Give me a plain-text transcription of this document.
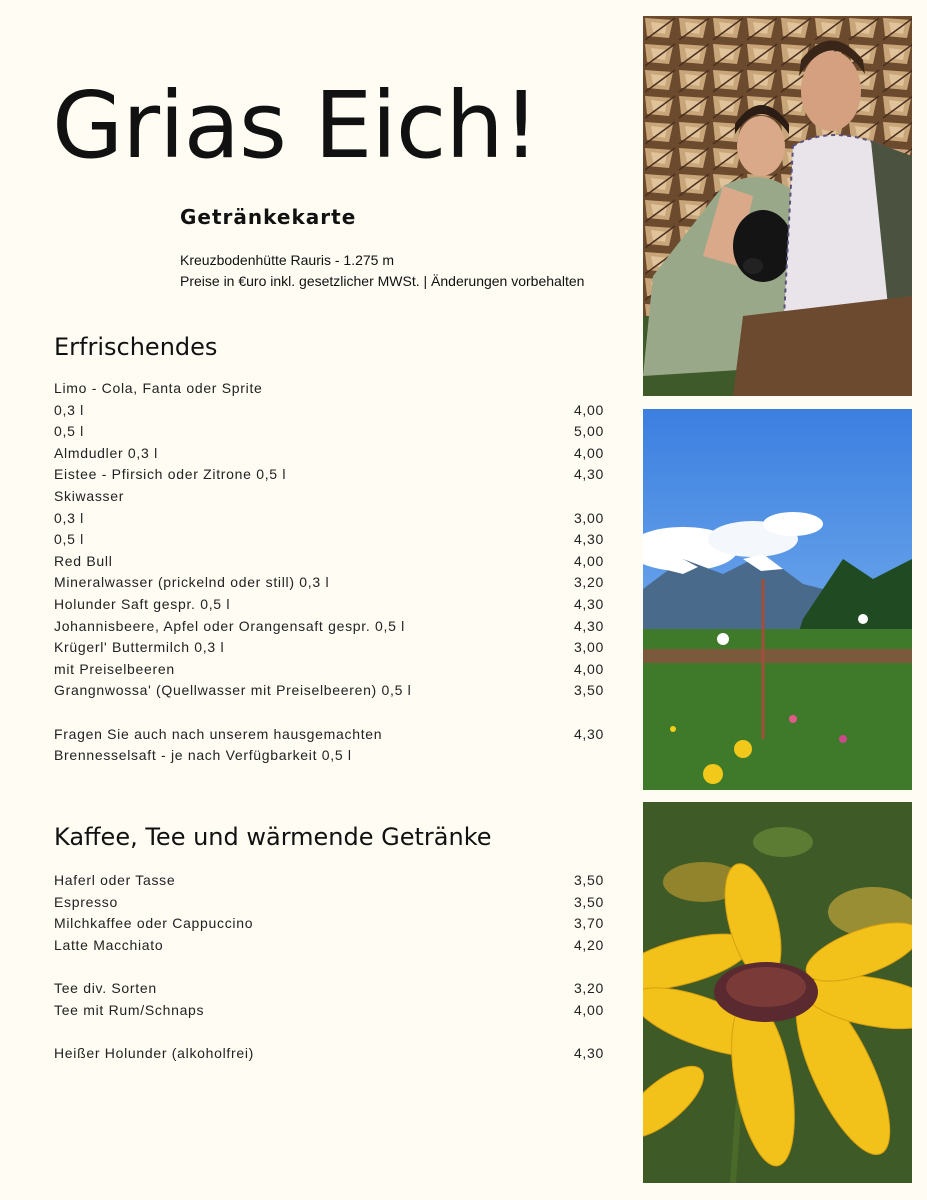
Grias Eich!
Getränkekarte
Kreuzbodenhütte Rauris - 1.275 m
Preise in €uro inkl. gesetzlicher MWSt. | Änderungen vorbehalten
Erfrischendes
Limo - Cola, Fanta oder Sprite
0,3 l	4,00
0,5 l	5,00
Almdudler 0,3 l	4,00
Eistee - Pfirsich oder Zitrone 0,5 l	4,30
Skiwasser
0,3 l	3,00
0,5 l	4,30
Red Bull	4,00
Mineralwasser (prickelnd oder still) 0,3 l	3,20
Holunder Saft gespr. 0,5 l	4,30
Johannisbeere, Apfel oder Orangensaft gespr. 0,5 l	4,30
Krügerl' Buttermilch 0,3 l	3,00
mit Preiselbeeren	4,00
Grangnwossa' (Quellwasser mit Preiselbeeren) 0,5 l	3,50
Fragen Sie auch nach unserem hausgemachten	4,30
Brennesselsaft - je nach Verfügbarkeit 0,5 l
Kaffee, Tee und wärmende Getränke
Haferl oder Tasse	3,50
Espresso	3,50
Milchkaffee oder Cappuccino	3,70
Latte Macchiato	4,20
Tee div. Sorten	3,20
Tee mit Rum/Schnaps	4,00
Heißer Holunder (alkoholfrei)	4,30
